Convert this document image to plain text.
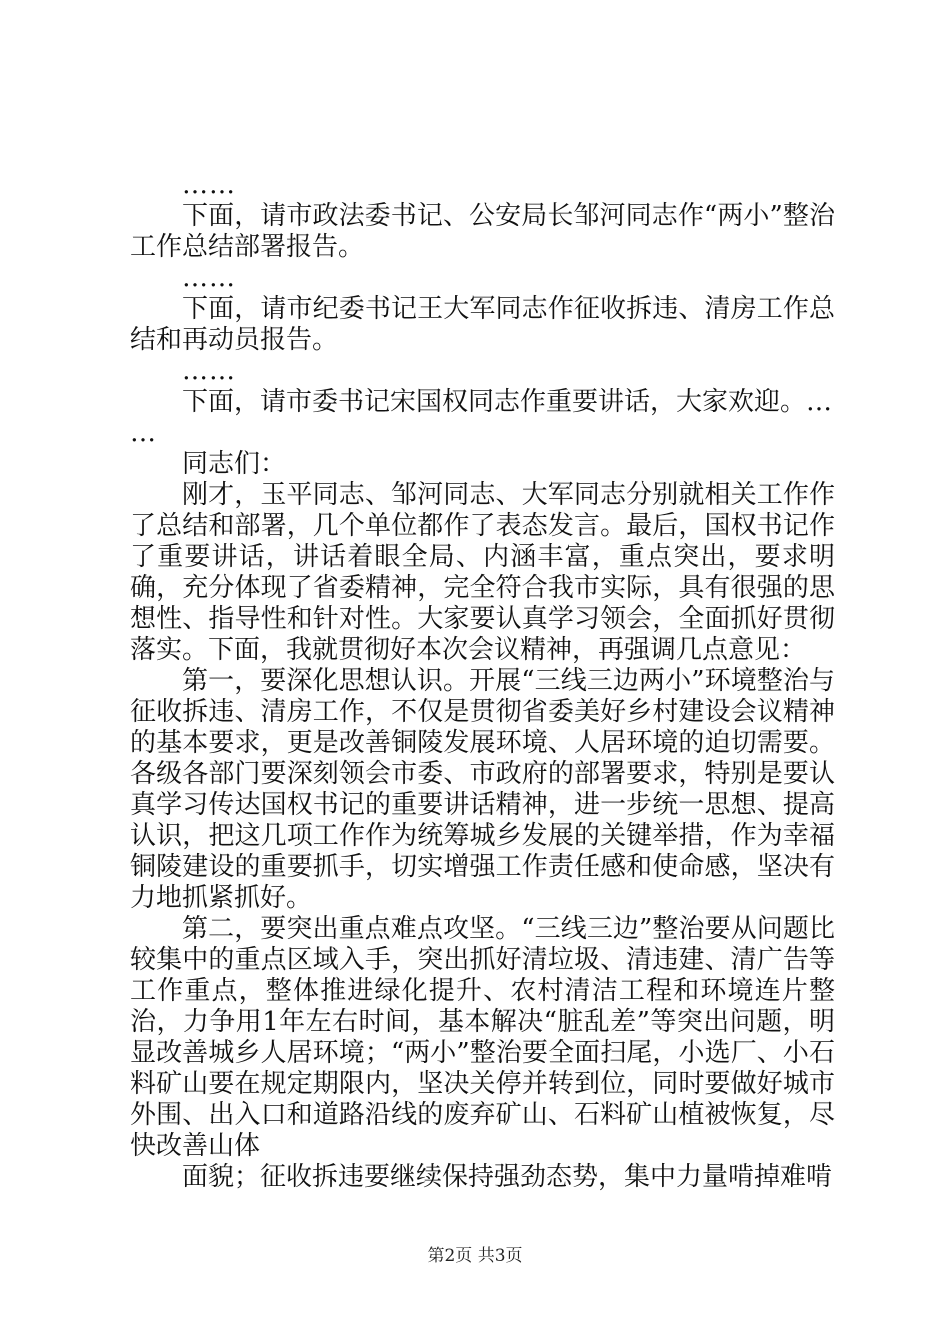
……

下面，请市政法委书记、公安局长邹河同志作“两小”整治工作总结部署报告。

……

下面，请市纪委书记王大军同志作征收拆违、清房工作总结和再动员报告。

……

下面，请市委书记宋国权同志作重要讲话，大家欢迎。…

…

同志们：

刚才，玉平同志、邹河同志、大军同志分别就相关工作作了总结和部署，几个单位都作了表态发言。最后，国权书记作了重要讲话，讲话着眼全局、内涵丰富，重点突出，要求明确，充分体现了省委精神，完全符合我市实际，具有很强的思想性、指导性和针对性。大家要认真学习领会，全面抓好贯彻落实。下面，我就贯彻好本次会议精神，再强调几点意见：

第一，要深化思想认识。开展“三线三边两小”环境整治与征收拆违、清房工作，不仅是贯彻省委美好乡村建设会议精神的基本要求，更是改善铜陵发展环境、人居环境的迫切需要。各级各部门要深刻领会市委、市政府的部署要求，特别是要认真学习传达国权书记的重要讲话精神，进一步统一思想、提高认识，把这几项工作作为统筹城乡发展的关键举措，作为幸福铜陵建设的重要抓手，切实增强工作责任感和使命感，坚决有力地抓紧抓好。

第二，要突出重点难点攻坚。“三线三边”整治要从问题比较集中的重点区域入手，突出抓好清垃圾、清违建、清广告等工作重点，整体推进绿化提升、农村清洁工程和环境连片整治，力争用1年左右时间，基本解决“脏乱差”等突出问题，明显改善城乡人居环境；“两小”整治要全面扫尾，小选厂、小石料矿山要在规定期限内，坚决关停并转到位，同时要做好城市外围、出入口和道路沿线的废弃矿山、石料矿山植被恢复，尽快改善山体

面貌；征收拆违要继续保持强劲态势，集中力量啃掉难啃

第2页 共3页
